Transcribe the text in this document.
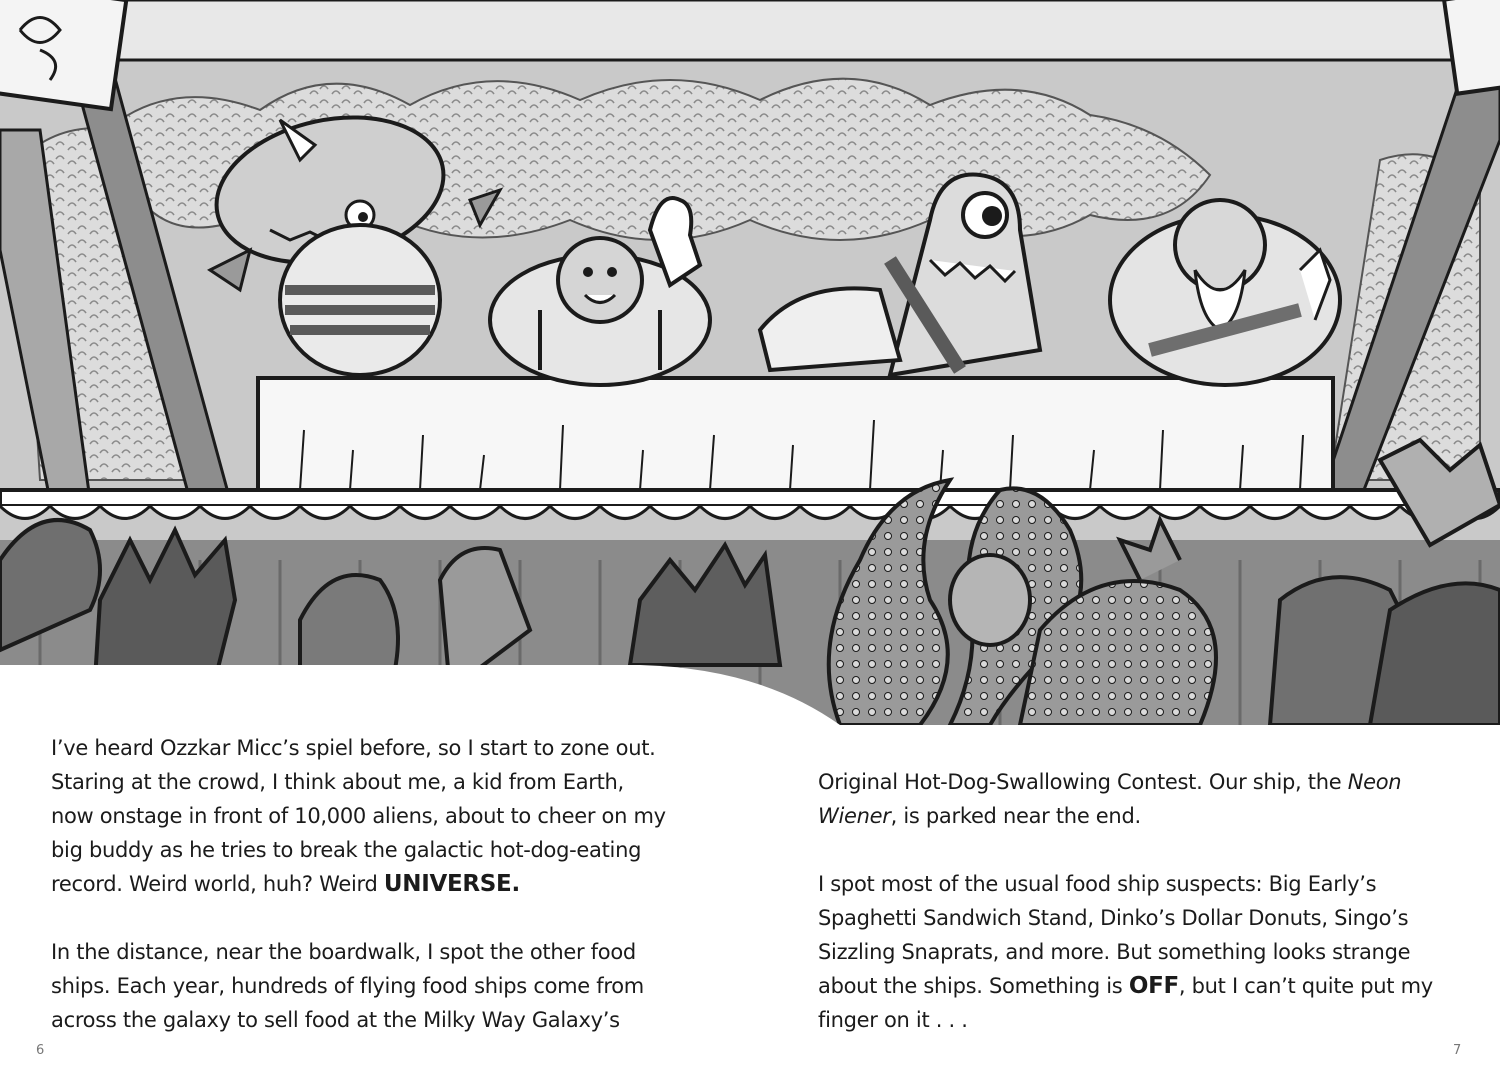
I’ve heard Ozzkar Micc’s spiel before, so I start to zone out.
Staring at the crowd, I think about me, a kid from Earth,
now onstage in front of 10,000 aliens, about to cheer on my
big buddy as he tries to break the galactic hot-dog-eating
record. Weird world, huh? Weird UNIVERSE.

In the distance, near the boardwalk, I spot the other food
ships. Each year, hundreds of flying food ships come from
across the galaxy to sell food at the Milky Way Galaxy’s

Original Hot-Dog-Swallowing Contest. Our ship, the Neon
Wiener, is parked near the end.

I spot most of the usual food ship suspects: Big Early’s
Spaghetti Sandwich Stand, Dinko’s Dollar Donuts, Singo’s
Sizzling Snaprats, and more. But something looks strange
about the ships. Something is OFF, but I can’t quite put my
finger on it . . .

6	7
